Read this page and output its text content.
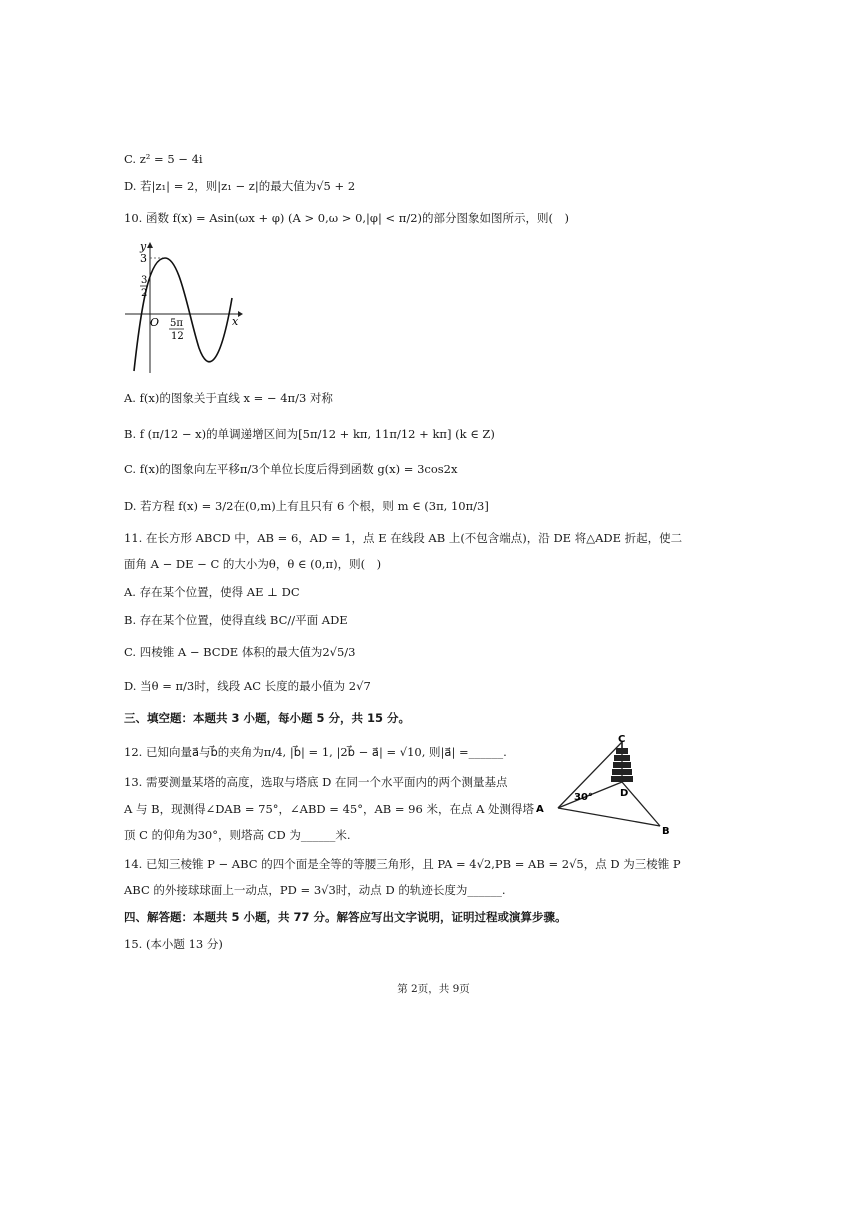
C. z² = 5 − 4i
D. 若|z₁| = 2，则|z₁ − z|的最大值为√5 + 2
10. 函数 f(x) = Asin(ωx + φ) (A > 0,ω > 0,|φ| < π/2)的部分图象如图所示，则(　)
y
x
O
3
3
2
5π
12
A. f(x)的图象关于直线 x = − 4π/3 对称
B. f (π/12 − x)的单调递增区间为[5π/12 + kπ, 11π/12 + kπ] (k ∈ Z)
C. f(x)的图象向左平移π/3个单位长度后得到函数 g(x) = 3cos2x
D. 若方程 f(x) = 3/2在(0,m)上有且只有 6 个根，则 m ∈ (3π, 10π/3]
11. 在长方形 ABCD 中，AB = 6，AD = 1，点 E 在线段 AB 上(不包含端点)，沿 DE 将△ADE 折起，使二
面角 A − DE − C 的大小为θ，θ ∈ (0,π)，则(　)
A. 存在某个位置，使得 AE ⊥ DC
B. 存在某个位置，使得直线 BC//平面 ADE
C. 四棱锥 A − BCDE 体积的最大值为2√5/3
D. 当θ = π/3时，线段 AC 长度的最小值为 2√7
三、填空题：本题共 3 小题，每小题 5 分，共 15 分。
12. 已知向量a⃗与b⃗的夹角为π/4, |b⃗| = 1, |2b⃗ − a⃗| = √10, 则|a⃗| =______.
13. 需要测量某塔的高度，选取与塔底 D 在同一个水平面内的两个测量基点
A 与 B，现测得∠DAB = 75°，∠ABD = 45°，AB = 96 米，在点 A 处测得塔
顶 C 的仰角为30°，则塔高 CD 为______米.
C
D
A
B
30°
14. 已知三棱锥 P − ABC 的四个面是全等的等腰三角形，且 PA = 4√2,PB = AB = 2√5，点 D 为三棱锥 P
ABC 的外接球球面上一动点，PD = 3√3时，动点 D 的轨迹长度为______.
四、解答题：本题共 5 小题，共 77 分。解答应写出文字说明，证明过程或演算步骤。
15. (本小题 13 分)
第 2页，共 9页
